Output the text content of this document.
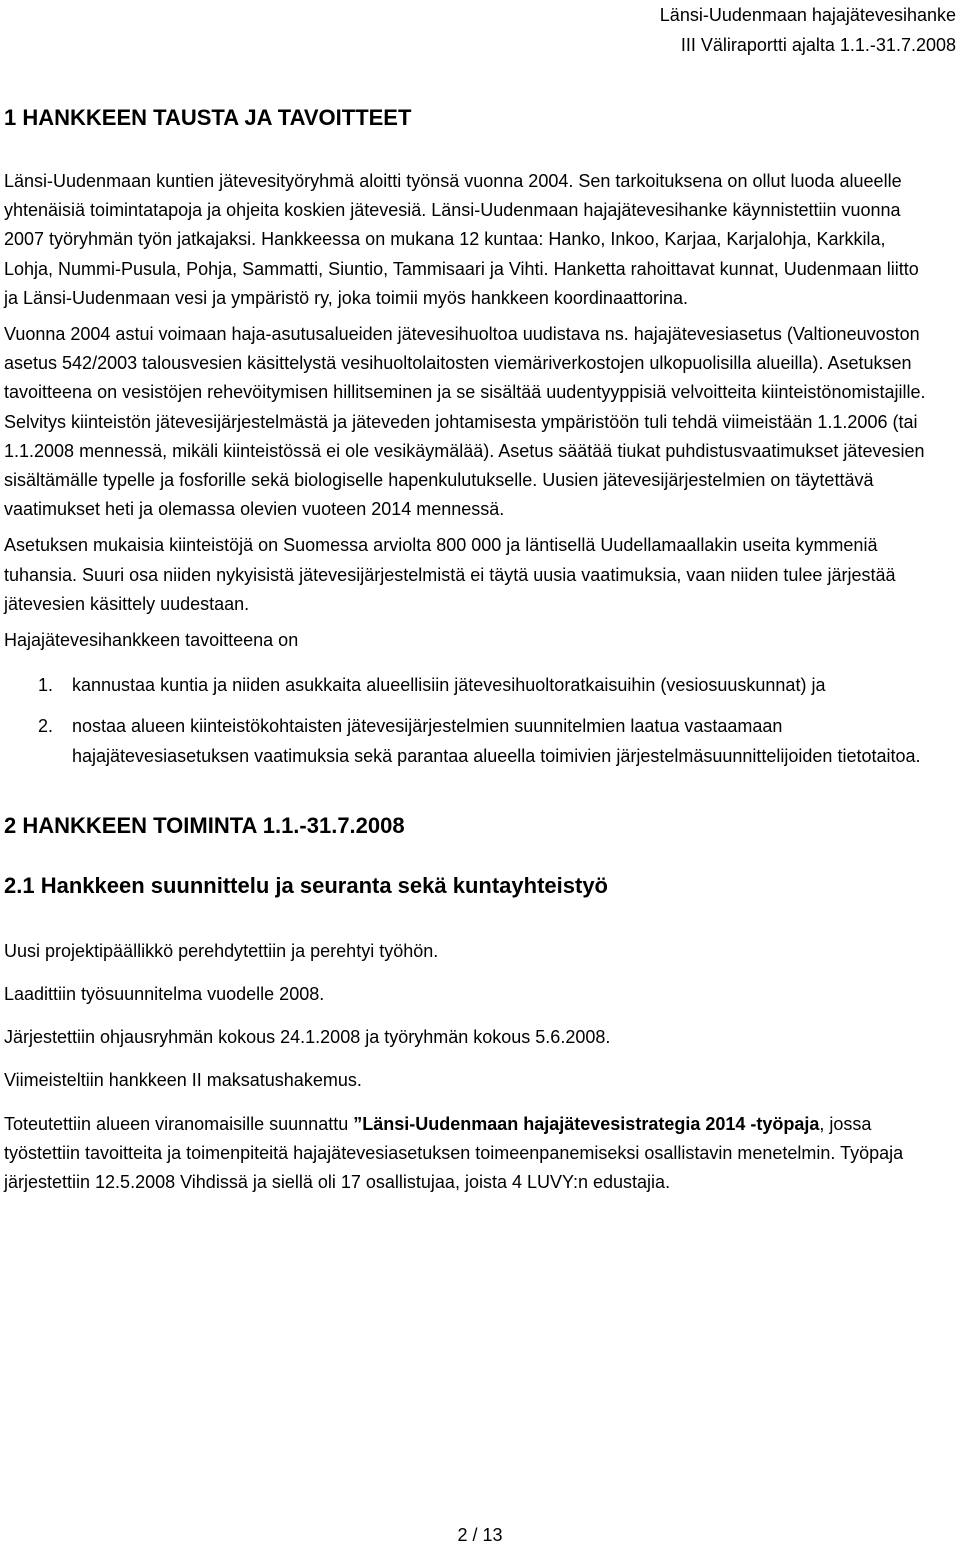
Länsi-Uudenmaan hajajätevesihanke
III Väliraportti ajalta 1.1.-31.7.2008
1 HANKKEEN TAUSTA JA TAVOITTEET

Länsi-Uudenmaan kuntien jätevesityöryhmä aloitti työnsä vuonna 2004. Sen tarkoituksena on ollut luoda alueelle yhtenäisiä toimintatapoja ja ohjeita koskien jätevesiä. Länsi-Uudenmaan hajajätevesihanke käynnistettiin vuonna 2007 työryhmän työn jatkajaksi. Hankkeessa on mukana 12 kuntaa: Hanko, Inkoo, Karjaa, Karjalohja, Karkkila, Lohja, Nummi-Pusula, Pohja, Sammatti, Siuntio, Tammisaari ja Vihti. Hanketta rahoittavat kunnat, Uudenmaan liitto ja Länsi-Uudenmaan vesi ja ympäristö ry, joka toimii myös hankkeen koordinaattorina.

Vuonna 2004 astui voimaan haja-asutusalueiden jätevesihuoltoa uudistava ns. hajajätevesiasetus (Valtioneuvoston asetus 542/2003 talousvesien käsittelystä vesihuoltolaitosten viemäriverkostojen ulkopuolisilla alueilla). Asetuksen tavoitteena on vesistöjen rehevöitymisen hillitseminen ja se sisältää uudentyyppisiä velvoitteita kiinteistönomistajille. Selvitys kiinteistön jätevesijärjestelmästä ja jäteveden johtamisesta ympäristöön tuli tehdä viimeistään 1.1.2006 (tai 1.1.2008 mennessä, mikäli kiinteistössä ei ole vesikäymälää). Asetus säätää tiukat puhdistusvaatimukset jätevesien sisältämälle typelle ja fosforille sekä biologiselle hapenkulutukselle. Uusien jätevesijärjestelmien on täytettävä vaatimukset heti ja olemassa olevien vuoteen 2014 mennessä.

Asetuksen mukaisia kiinteistöjä on Suomessa arviolta 800 000 ja läntisellä Uudellamaallakin useita kymmeniä tuhansia. Suuri osa niiden nykyisistä jätevesijärjestelmistä ei täytä uusia vaatimuksia, vaan niiden tulee järjestää jätevesien käsittely uudestaan.

Hajajätevesihankkeen tavoitteena on

1.	kannustaa kuntia ja niiden asukkaita alueellisiin jätevesihuoltoratkaisuihin (vesiosuuskunnat) ja
2.	nostaa alueen kiinteistökohtaisten jätevesijärjestelmien suunnitelmien laatua vastaamaan hajajätevesiasetuksen vaatimuksia sekä parantaa alueella toimivien järjestelmäsuunnittelijoiden tietotaitoa.
2 HANKKEEN TOIMINTA 1.1.-31.7.2008
2.1 Hankkeen suunnittelu ja seuranta sekä kuntayhteistyö

Uusi projektipäällikkö perehdytettiin ja perehtyi työhön.

Laadittiin työsuunnitelma vuodelle 2008.

Järjestettiin ohjausryhmän kokous 24.1.2008 ja työryhmän kokous 5.6.2008.

Viimeisteltiin hankkeen II maksatushakemus.

Toteutettiin alueen viranomaisille suunnattu ”Länsi-Uudenmaan hajajätevesistrategia 2014 -työpaja, jossa työstettiin tavoitteita ja toimenpiteitä hajajätevesiasetuksen toimeenpanemiseksi osallistavin menetelmin. Työpaja järjestettiin 12.5.2008 Vihdissä ja siellä oli 17 osallistujaa, joista 4 LUVY:n edustajia.

2 / 13
